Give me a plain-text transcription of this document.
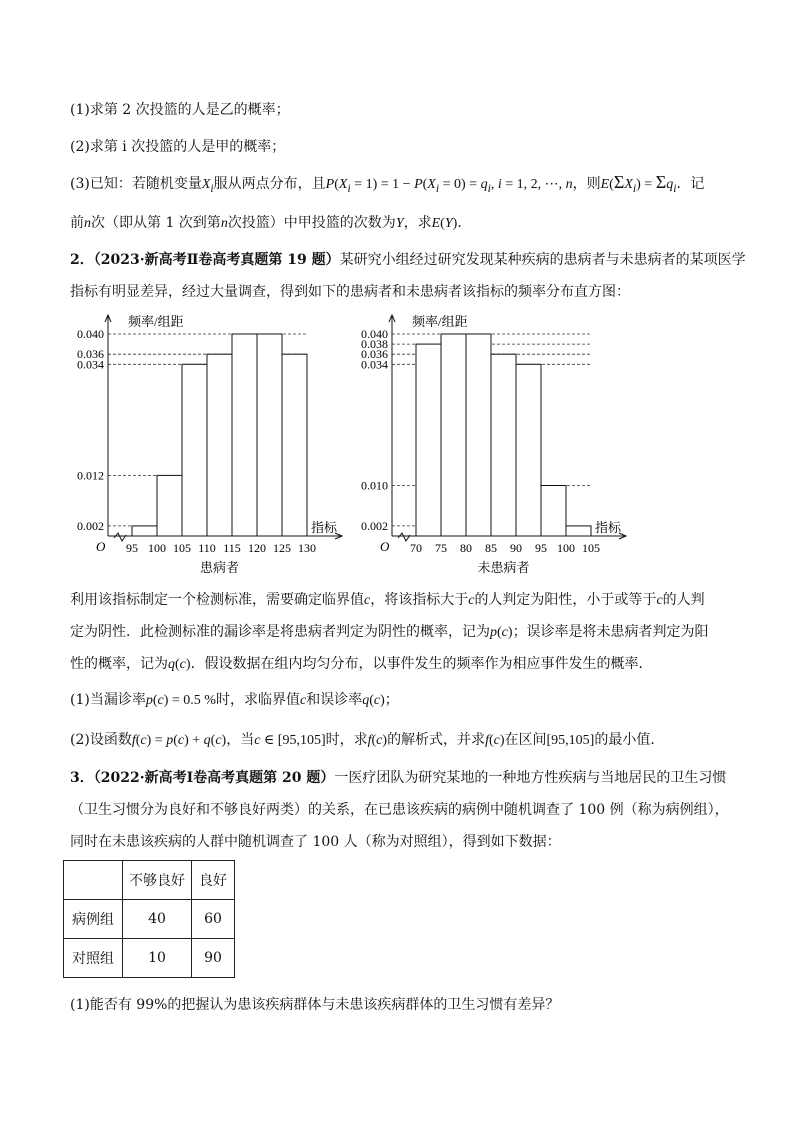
(1)求第 2 次投篮的人是乙的概率；
(2)求第 i 次投篮的人是甲的概率；
(3)已知：若随机变量$X_i$服从两点分布，且$P(X_i = 1) = 1 - P(X_i = 0) = q_i$, i = 1, 2, ⋯, n，则$E(\Sigma X_i) = \Sigma q_i$．记
前n次（即从第 1 次到第n次投篮）中甲投篮的次数为Y，求E(Y)．
2．（2023·新高考Ⅱ卷高考真题第 19 题）某研究小组经过研究发现某种疾病的患病者与未患病者的某项医学
指标有明显差异，经过大量调查，得到如下的患病者和未患病者该指标的频率分布直方图：
0.040
0.036
0.034
0.012
0.002
频率/组距
指标
O 95 100 105 110 115 120 125 130
患病者
0.040
0.038
0.036
0.034
0.010
0.002
频率/组距
指标
O 70 75 80 85 90 95 100 105
未患病者
利用该指标制定一个检测标准，需要确定临界值c，将该指标大于c的人判定为阳性，小于或等于c的人判
定为阴性．此检测标准的漏诊率是将患病者判定为阴性的概率，记为p(c)；误诊率是将未患病者判定为阳
性的概率，记为q(c)．假设数据在组内均匀分布，以事件发生的频率作为相应事件发生的概率．
(1)当漏诊率p(c) = 0.5 %时，求临界值c和误诊率q(c)；
(2)设函数f(c) = p(c) + q(c)，当c ∈ [95,105]时，求f(c)的解析式，并求f(c)在区间[95,105]的最小值．
3．（2022·新高考Ⅰ卷高考真题第 20 题）一医疗团队为研究某地的一种地方性疾病与当地居民的卫生习惯
（卫生习惯分为良好和不够良好两类）的关系，在已患该疾病的病例中随机调查了 100 例（称为病例组），
同时在未患该疾病的人群中随机调查了 100 人（称为对照组），得到如下数据：
	不够良好	良好
病例组	40	60
对照组	10	90
(1)能否有 99%的把握认为患该疾病群体与未患该疾病群体的卫生习惯有差异？
